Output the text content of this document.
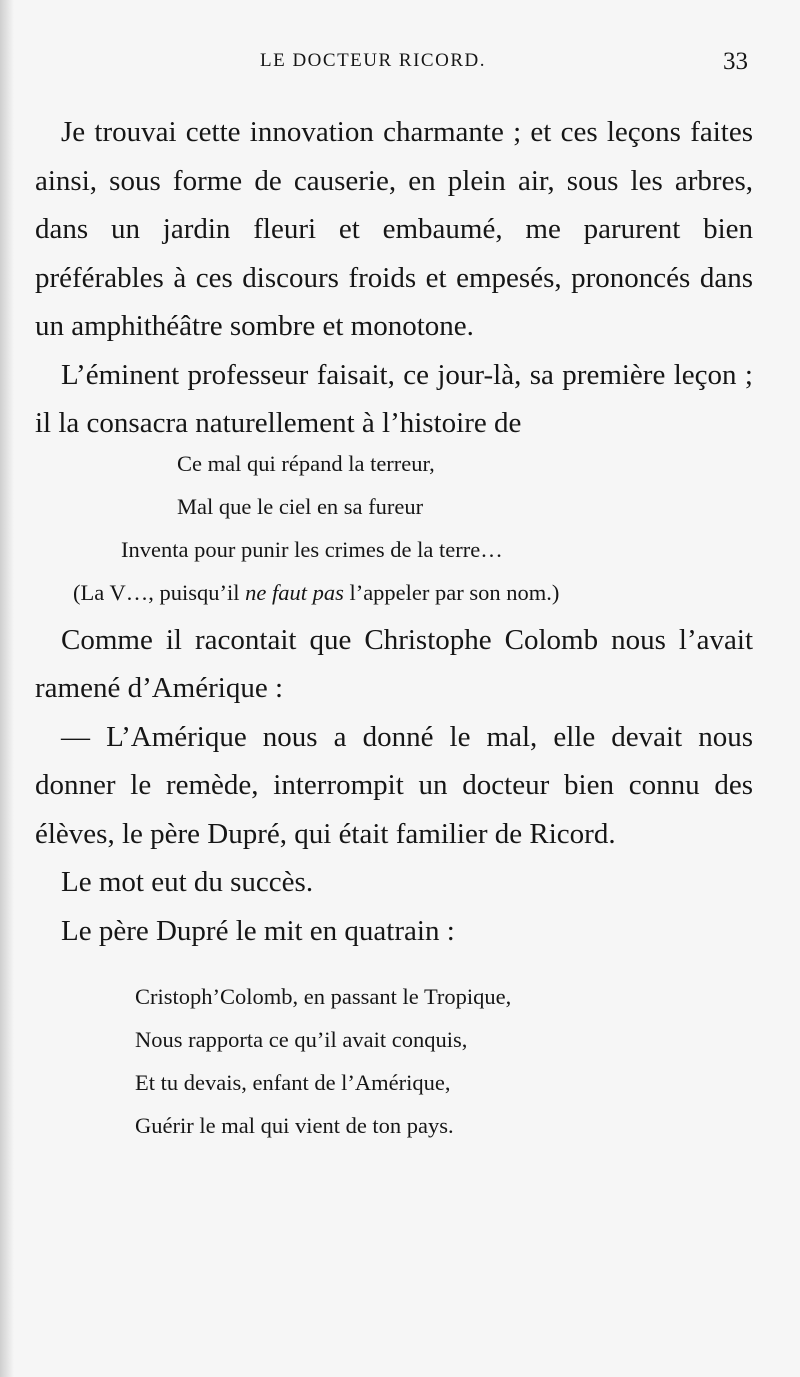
LE DOCTEUR RICORD.	33

Je trouvai cette innovation charmante ; et ces leçons faites ainsi, sous forme de causerie, en plein air, sous les arbres, dans un jardin fleuri et embaumé, me parurent bien préférables à ces discours froids et empesés, prononcés dans un amphithéâtre sombre et monotone.

L’éminent professeur faisait, ce jour-là, sa première leçon ; il la consacra naturellement à l’histoire de

Ce mal qui répand la terreur,
Mal que le ciel en sa fureur
Inventa pour punir les crimes de la terre…
(La V…, puisqu’il ne faut pas l’appeler par son nom.)

Comme il racontait que Christophe Colomb nous l’avait ramené d’Amérique :

— L’Amérique nous a donné le mal, elle devait nous donner le remède, interrompit un docteur bien connu des élèves, le père Dupré, qui était familier de Ricord.

Le mot eut du succès.

Le père Dupré le mit en quatrain :

Cristoph’Colomb, en passant le Tropique,
Nous rapporta ce qu’il avait conquis,
Et tu devais, enfant de l’Amérique,
Guérir le mal qui vient de ton pays.
